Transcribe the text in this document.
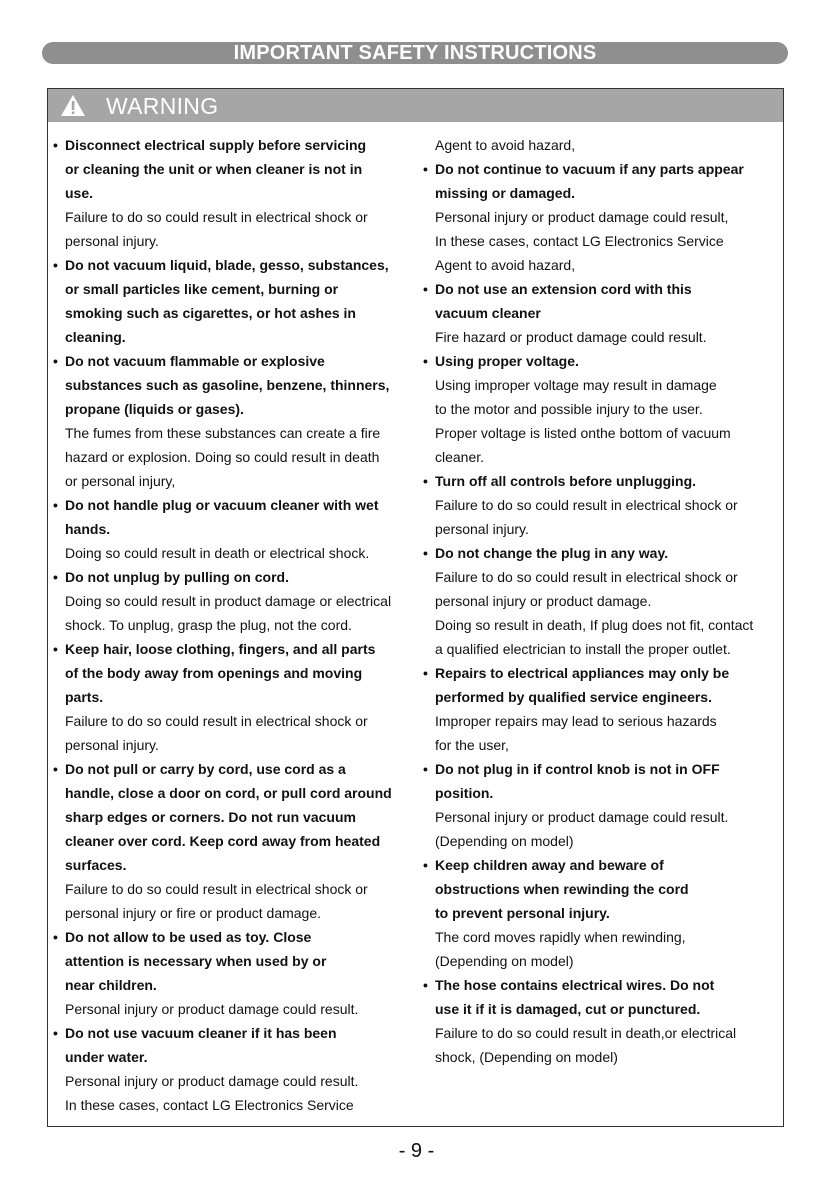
IMPORTANT SAFETY INSTRUCTIONS
WARNING
• Disconnect electrical supply before servicing
or cleaning the unit or when cleaner is not in
use.
Failure to do so could result in electrical shock or
personal injury.
• Do not vacuum liquid, blade, gesso, substances,
or small particles like cement, burning or
smoking such as cigarettes, or hot ashes in
cleaning.
• Do not vacuum flammable or explosive
substances such as gasoline, benzene, thinners,
propane (liquids or gases).
The fumes from these substances can create a fire
hazard or explosion. Doing so could result in death
or personal injury,
• Do not handle plug or vacuum cleaner with wet
hands.
Doing so could result in death or electrical shock.
• Do not unplug by pulling on cord.
Doing so could result in product damage or electrical
shock. To unplug, grasp the plug, not the cord.
• Keep hair, loose clothing, fingers, and all parts
of the body away from openings and moving
parts.
Failure to do so could result in electrical shock or
personal injury.
• Do not pull or carry by cord, use cord as a
handle, close a door on cord, or pull cord around
sharp edges or corners. Do not run vacuum
cleaner over cord. Keep cord away from heated
surfaces.
Failure to do so could result in electrical shock or
personal injury or fire or product damage.
• Do not allow to be used as toy. Close
attention is necessary when used by or
near children.
Personal injury or product damage could result.
• Do not use vacuum cleaner if it has been
under water.
Personal injury or product damage could result.
In these cases, contact LG Electronics Service
Agent to avoid hazard,
• Do not continue to vacuum if any parts appear
missing or damaged.
Personal injury or product damage could result,
In these cases, contact LG Electronics Service
Agent to avoid hazard,
• Do not use an extension cord with this
vacuum cleaner
Fire hazard or product damage could result.
• Using proper voltage.
Using improper voltage may result in damage
to the motor and possible injury to the user.
Proper voltage is listed onthe bottom of vacuum
cleaner.
• Turn off all controls before unplugging.
Failure to do so could result in electrical shock or
personal injury.
• Do not change the plug in any way.
Failure to do so could result in electrical shock or
personal injury or product damage.
Doing so result in death, If plug does not fit, contact
a qualified electrician to install the proper outlet.
• Repairs to electrical appliances may only be
performed by qualified service engineers.
Improper repairs may lead to serious hazards
for the user,
• Do not plug in if control knob is not in OFF
position.
Personal injury or product damage could result.
(Depending on model)
• Keep children away and beware of
obstructions when rewinding the cord
to prevent personal injury.
The cord moves rapidly when rewinding,
(Depending on model)
• The hose contains electrical wires. Do not
use it if it is damaged, cut or punctured.
Failure to do so could result in death,or electrical
shock, (Depending on model)
- 9 -
